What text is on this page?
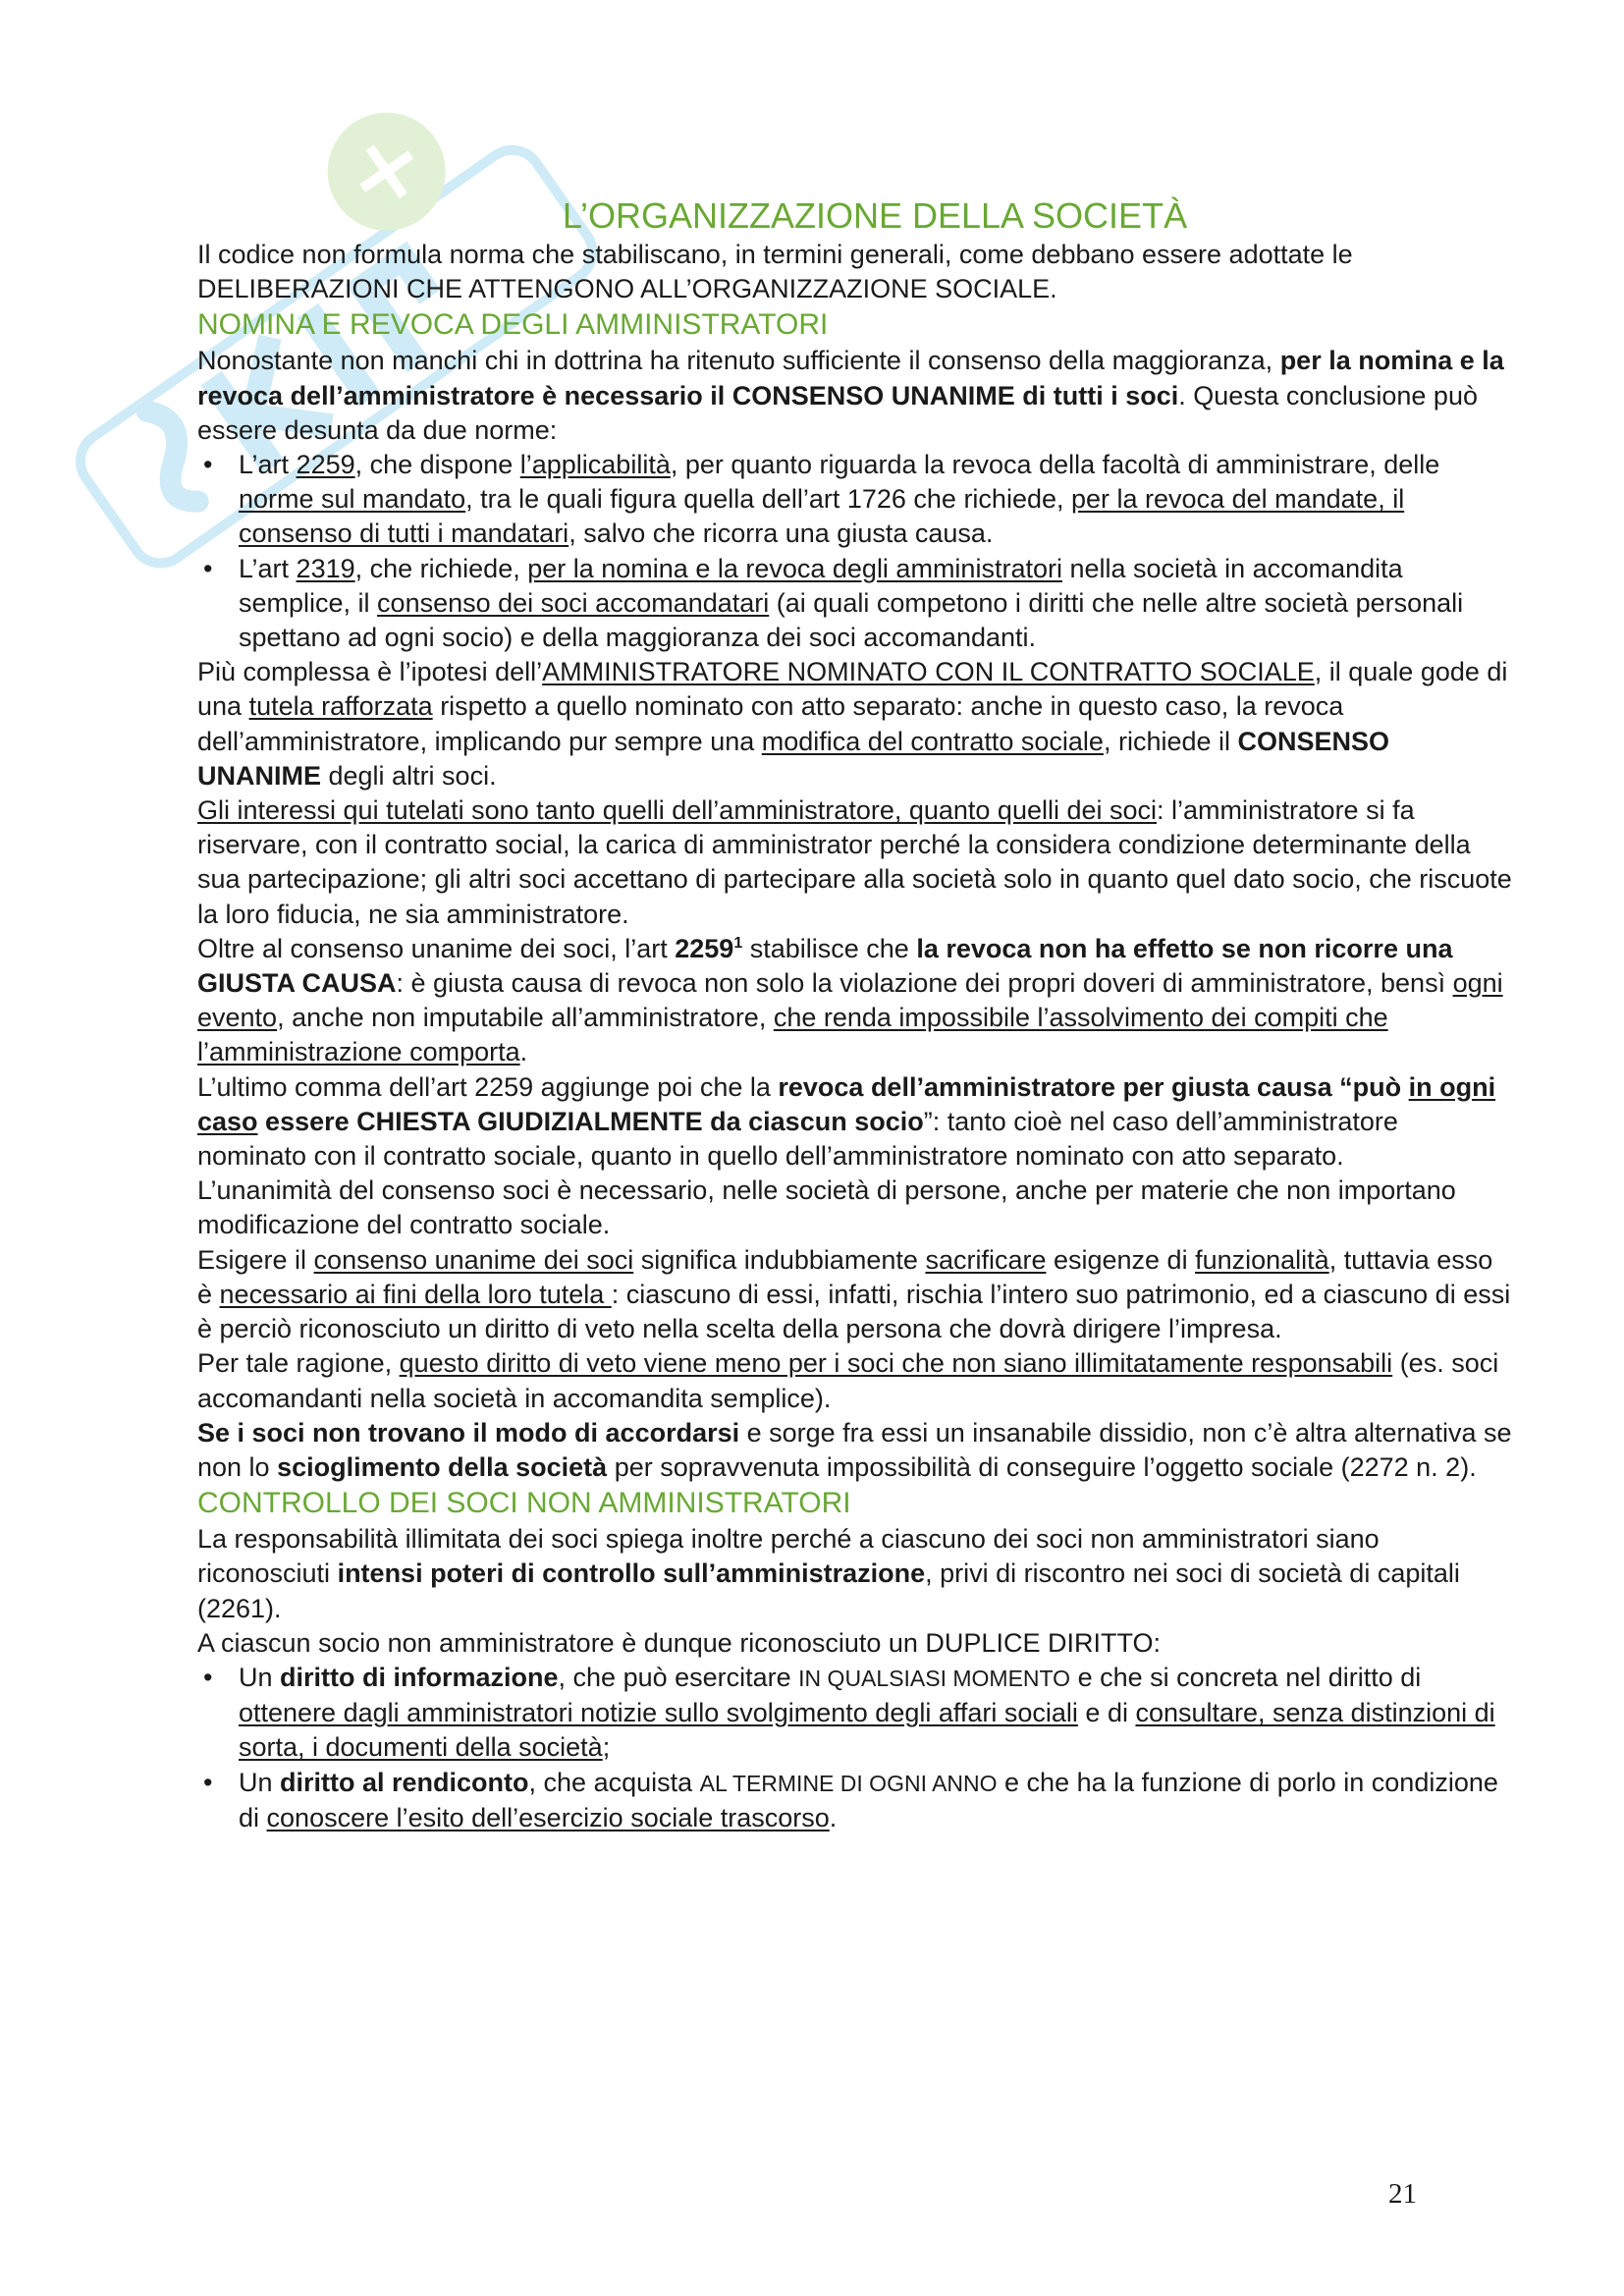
L’ORGANIZZAZIONE DELLA SOCIETÀ

Il codice non formula norma che stabiliscano, in termini generali, come debbano essere adottate le DELIBERAZIONI CHE ATTENGONO ALL’ORGANIZZAZIONE SOCIALE.

NOMINA E REVOCA DEGLI AMMINISTRATORI

Nonostante non manchi chi in dottrina ha ritenuto sufficiente il consenso della maggioranza, per la nomina e la revoca dell’amministratore è necessario il CONSENSO UNANIME di tutti i soci. Questa conclusione può essere desunta da due norme:

• L’art 2259, che dispone l’applicabilità, per quanto riguarda la revoca della facoltà di amministrare, delle norme sul mandato, tra le quali figura quella dell’art 1726 che richiede, per la revoca del mandate, il consenso di tutti i mandatari, salvo che ricorra una giusta causa.
• L’art 2319, che richiede, per la nomina e la revoca degli amministratori nella società in accomandita semplice, il consenso dei soci accomandatari (ai quali competono i diritti che nelle altre società personali spettano ad ogni socio) e della maggioranza dei soci accomandanti.

Più complessa è l’ipotesi dell’AMMINISTRATORE NOMINATO CON IL CONTRATTO SOCIALE, il quale gode di una tutela rafforzata rispetto a quello nominato con atto separato: anche in questo caso, la revoca dell’amministratore, implicando pur sempre una modifica del contratto sociale, richiede il CONSENSO UNANIME degli altri soci.

Gli interessi qui tutelati sono tanto quelli dell’amministratore, quanto quelli dei soci: l’amministratore si fa riservare, con il contratto social, la carica di amministrator perché la considera condizione determinante della sua partecipazione; gli altri soci accettano di partecipare alla società solo in quanto quel dato socio, che riscuote la loro fiducia, ne sia amministratore.

Oltre al consenso unanime dei soci, l’art 2259$^1$ stabilisce che la revoca non ha effetto se non ricorre una GIUSTA CAUSA: è giusta causa di revoca non solo la violazione dei propri doveri di amministratore, bensì ogni evento, anche non imputabile all’amministratore, che renda impossibile l’assolvimento dei compiti che l’amministrazione comporta.

L’ultimo comma dell’art 2259 aggiunge poi che la revoca dell’amministratore per giusta causa “può in ogni caso essere CHIESTA GIUDIZIALMENTE da ciascun socio”: tanto cioè nel caso dell’amministratore nominato con il contratto sociale, quanto in quello dell’amministratore nominato con atto separato.

L’unanimità del consenso soci è necessario, nelle società di persone, anche per materie che non importano modificazione del contratto sociale.

Esigere il consenso unanime dei soci significa indubbiamente sacrificare esigenze di funzionalità, tuttavia esso è necessario ai fini della loro tutela : ciascuno di essi, infatti, rischia l’intero suo patrimonio, ed a ciascuno di essi è perciò riconosciuto un diritto di veto nella scelta della persona che dovrà dirigere l’impresa.

Per tale ragione, questo diritto di veto viene meno per i soci che non siano illimitatamente responsabili (es. soci accomandanti nella società in accomandita semplice).

Se i soci non trovano il modo di accordarsi e sorge fra essi un insanabile dissidio, non c’è altra alternativa se non lo scioglimento della società per sopravvenuta impossibilità di conseguire l’oggetto sociale (2272 n. 2).

CONTROLLO DEI SOCI NON AMMINISTRATORI

La responsabilità illimitata dei soci spiega inoltre perché a ciascuno dei soci non amministratori siano riconosciuti intensi poteri di controllo sull’amministrazione, privi di riscontro nei soci di società di capitali (2261).

A ciascun socio non amministratore è dunque riconosciuto un DUPLICE DIRITTO:

• Un diritto di informazione, che può esercitare IN QUALSIASI MOMENTO e che si concreta nel diritto di ottenere dagli amministratori notizie sullo svolgimento degli affari sociali e di consultare, senza distinzioni di sorta, i documenti della società;
• Un diritto al rendiconto, che acquista AL TERMINE DI OGNI ANNO e che ha la funzione di porlo in condizione di conoscere l’esito dell’esercizio sociale trascorso.
21
